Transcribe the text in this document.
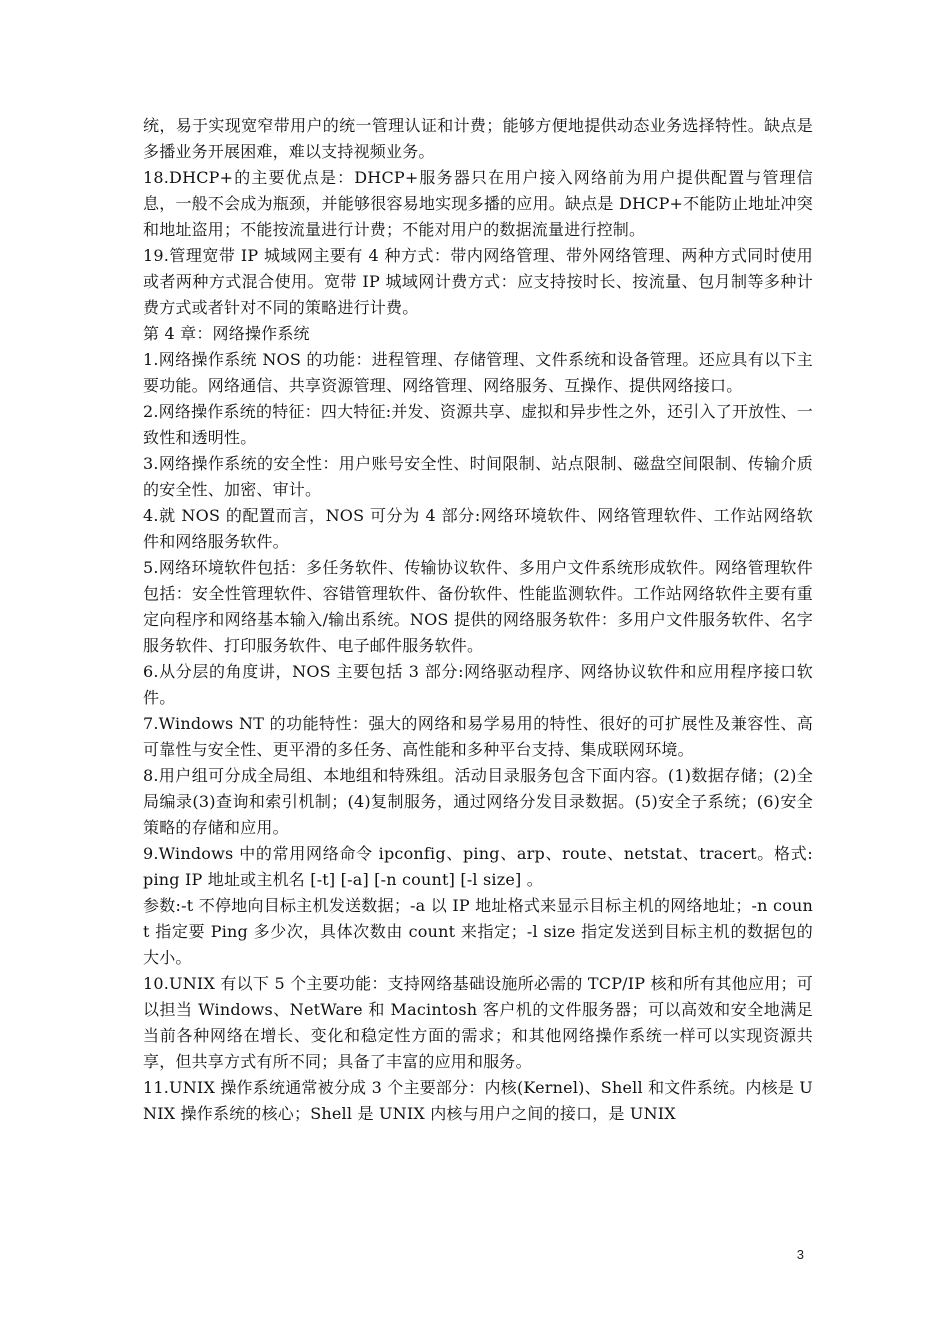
统，易于实现宽窄带用户的统一管理认证和计费；能够方便地提供动态业务选择特性。缺点是多播业务开展困难，难以支持视频业务。

18.DHCP+的主要优点是：DHCP+服务器只在用户接入网络前为用户提供配置与管理信息，一般不会成为瓶颈，并能够很容易地实现多播的应用。缺点是 DHCP+不能防止地址冲突和地址盗用；不能按流量进行计费；不能对用户的数据流量进行控制。

19.管理宽带 IP 城域网主要有 4 种方式：带内网络管理、带外网络管理、两种方式同时使用或者两种方式混合使用。宽带 IP 城域网计费方式：应支持按时长、按流量、包月制等多种计费方式或者针对不同的策略进行计费。

第 4 章：网络操作系统

1.网络操作系统 NOS 的功能：进程管理、存储管理、文件系统和设备管理。还应具有以下主要功能。网络通信、共享资源管理、网络管理、网络服务、互操作、提供网络接口。

2.网络操作系统的特征：四大特征:并发、资源共享、虚拟和异步性之外，还引入了开放性、一致性和透明性。

3.网络操作系统的安全性：用户账号安全性、时间限制、站点限制、磁盘空间限制、传输介质的安全性、加密、审计。

4.就 NOS 的配置而言，NOS 可分为 4 部分:网络环境软件、网络管理软件、工作站网络软件和网络服务软件。

5.网络环境软件包括：多任务软件、传输协议软件、多用户文件系统形成软件。网络管理软件包括：安全性管理软件、容错管理软件、备份软件、性能监测软件。工作站网络软件主要有重定向程序和网络基本输入/输出系统。NOS 提供的网络服务软件：多用户文件服务软件、名字服务软件、打印服务软件、电子邮件服务软件。

6.从分层的角度讲，NOS 主要包括 3 部分:网络驱动程序、网络协议软件和应用程序接口软件。

7.Windows NT 的功能特性：强大的网络和易学易用的特性、很好的可扩展性及兼容性、高可靠性与安全性、更平滑的多任务、高性能和多种平台支持、集成联网环境。

8.用户组可分成全局组、本地组和特殊组。活动目录服务包含下面内容。(1)数据存储；(2)全局编录(3)查询和索引机制；(4)复制服务，通过网络分发目录数据。(5)安全子系统；(6)安全策略的存储和应用。

9.Windows 中的常用网络命令 ipconfig、ping、arp、route、netstat、tracert。格式: ping IP 地址或主机名 [-t] [-a] [-n count] [-l size] 。

参数:-t 不停地向目标主机发送数据；-a 以 IP 地址格式来显示目标主机的网络地址；-n count 指定要 Ping 多少次，具体次数由 count 来指定；-l size 指定发送到目标主机的数据包的大小。

10.UNIX 有以下 5 个主要功能：支持网络基础设施所必需的 TCP/IP 核和所有其他应用；可以担当 Windows、NetWare 和 Macintosh 客户机的文件服务器；可以高效和安全地满足当前各种网络在增长、变化和稳定性方面的需求；和其他网络操作系统一样可以实现资源共享，但共享方式有所不同；具备了丰富的应用和服务。

11.UNIX 操作系统通常被分成 3 个主要部分：内核(Kernel)、Shell 和文件系统。内核是 UNIX 操作系统的核心；Shell 是 UNIX 内核与用户之间的接口，是 UNIX

3
